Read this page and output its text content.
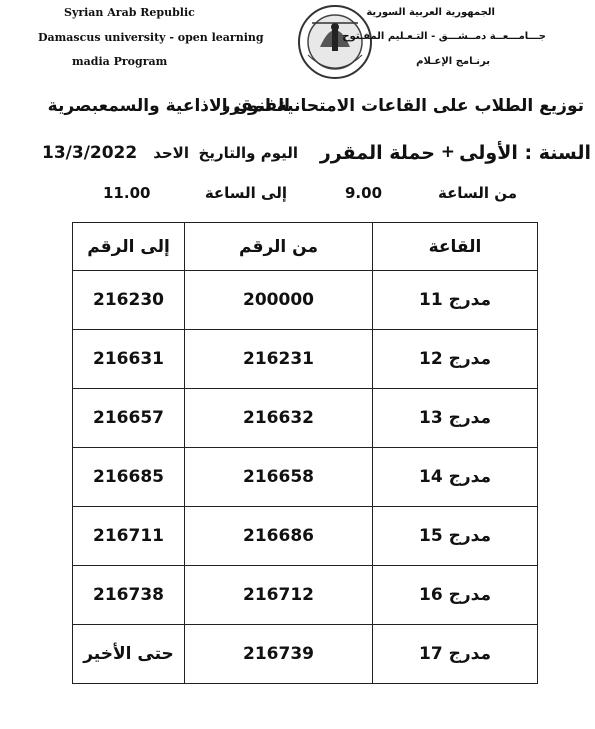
Syrian Arab Republic
Damascus university - open learning
madia Program
الجمهورية العربية السورية
جـــامـــعــة دمــشـــق - التـعـليم المفـتوح
برنـامج الإعـلام
توزيع الطلاب على القاعات الامتحانية لمقرر
الفنون الاذاعية والسمعبصرية
السنة : الأولى
+
حملة المقرر
اليوم والتاريخ
الاحد
13/3/2022
من الساعة
9.00
إلى الساعة
11.00
إلى الرقم	من الرقم	القاعة
216230	200000	مدرج 11
216631	216231	مدرج 12
216657	216632	مدرج 13
216685	216658	مدرج 14
216711	216686	مدرج 15
216738	216712	مدرج 16
حتى الأخير	216739	مدرج 17
